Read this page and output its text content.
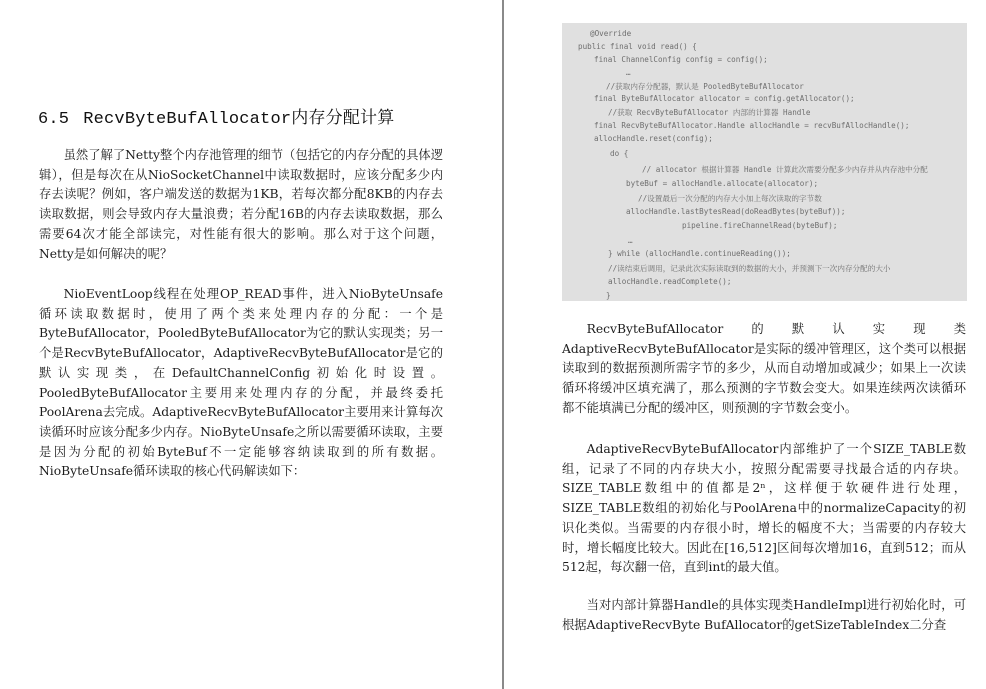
6.5 RecvByteBufAllocator内存分配计算

虽然了解了Netty整个内存池管理的细节（包括它的内存分配的具体逻辑），但是每次在从NioSocketChannel中读取数据时，应该分配多少内存去读呢？例如，客户端发送的数据为1KB，若每次都分配8KB的内存去读取数据，则会导致内存大量浪费；若分配16B的内存去读取数据，那么需要64次才能全部读完，对性能有很大的影响。那么对于这个问题，Netty是如何解决的呢？

NioEventLoop线程在处理OP_READ事件，进入NioByteUnsafe循环读取数据时，使用了两个类来处理内存的分配：一个是ByteBufAllocator，PooledByteBufAllocator为它的默认实现类；另一个是RecvByteBufAllocator，AdaptiveRecvByteBufAllocator是它的默认实现类，在DefaultChannelConfig初始化时设置。PooledByteBufAllocator主要用来处理内存的分配，并最终委托PoolArena去完成。AdaptiveRecvByteBufAllocator主要用来计算每次读循环时应该分配多少内存。NioByteUnsafe之所以需要循环读取，主要是因为分配的初始ByteBuf不一定能够容纳读取到的所有数据。NioByteUnsafe循环读取的核心代码解读如下：

@Override
public final void read() {
final ChannelConfig config = config();
…
//获取内存分配器，默认是 PooledByteBufAllocator
final ByteBufAllocator allocator = config.getAllocator();
//获取 RecvByteBufAllocator 内部的计算器 Handle
final RecvByteBufAllocator.Handle allocHandle = recvBufAllocHandle();
allocHandle.reset(config);
do {
// allocator 根据计算器 Handle 计算此次需要分配多少内存并从内存池中分配
byteBuf = allocHandle.allocate(allocator);
//设置最后一次分配的内存大小加上每次读取的字节数
allocHandle.lastBytesRead(doReadBytes(byteBuf));
pipeline.fireChannelRead(byteBuf);
…
} while (allocHandle.continueReading());
//读结束后调用，记录此次实际读取到的数据的大小，并预测下一次内存分配的大小
allocHandle.readComplete();
}

RecvByteBufAllocator　　的　　默　　认　　实　　现　　类AdaptiveRecvByteBufAllocator是实际的缓冲管理区，这个类可以根据读取到的数据预测所需字节的多少，从而自动增加或减少；如果上一次读循环将缓冲区填充满了，那么预测的字节数会变大。如果连续两次读循环都不能填满已分配的缓冲区，则预测的字节数会变小。

AdaptiveRecvByteBufAllocator内部维护了一个SIZE_TABLE数组，记录了不同的内存块大小，按照分配需要寻找最合适的内存块。SIZE_TABLE数组中的值都是2ⁿ，这样便于软硬件进行处理，SIZE_TABLE数组的初始化与PoolArena中的normalizeCapacity的初识化类似。当需要的内存很小时，增长的幅度不大；当需要的内存较大时，增长幅度比较大。因此在[16,512]区间每次增加16，直到512；而从512起，每次翻一倍，直到int的最大值。

当对内部计算器Handle的具体实现类HandleImpl进行初始化时，可根据AdaptiveRecvByte BufAllocator的getSizeTableIndex二分查
